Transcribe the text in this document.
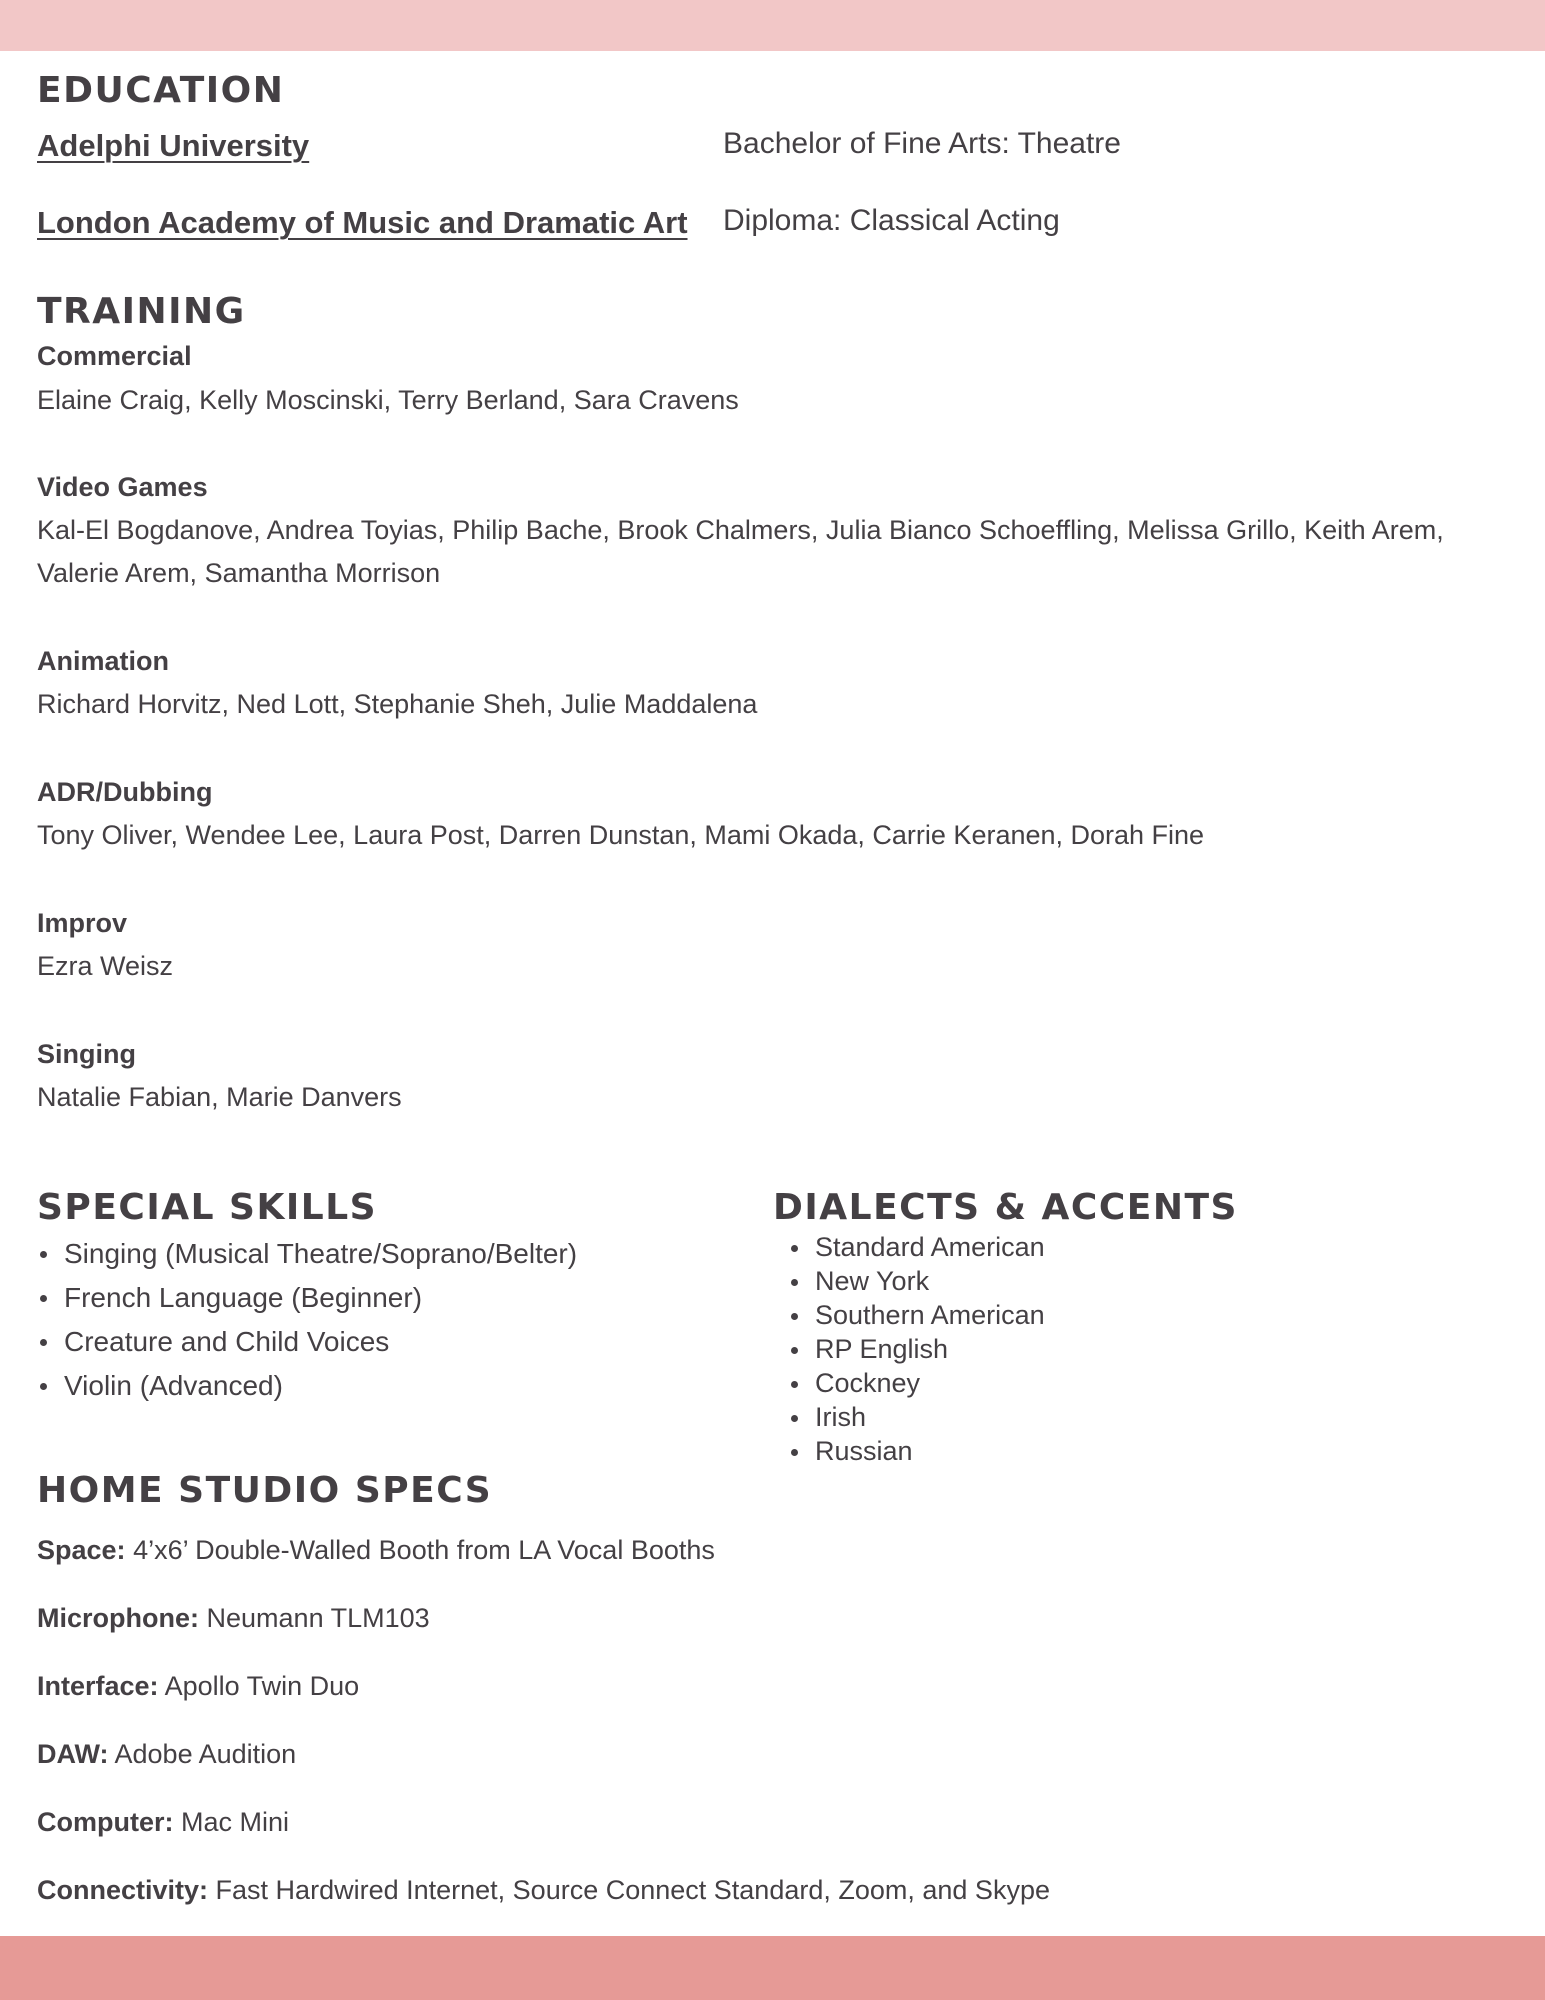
EDUCATION
Adelphi University	Bachelor of Fine Arts: Theatre
London Academy of Music and Dramatic Art Diploma: Classical Acting
TRAINING
Commercial
Elaine Craig, Kelly Moscinski, Terry Berland, Sara Cravens
Video Games
Kal-El Bogdanove, Andrea Toyias, Philip Bache, Brook Chalmers, Julia Bianco Schoeffling, Melissa Grillo, Keith Arem, Valerie Arem, Samantha Morrison
Animation
Richard Horvitz, Ned Lott, Stephanie Sheh, Julie Maddalena
ADR/Dubbing
Tony Oliver, Wendee Lee, Laura Post, Darren Dunstan, Mami Okada, Carrie Keranen, Dorah Fine
Improv
Ezra Weisz
Singing
Natalie Fabian, Marie Danvers
SPECIAL SKILLS
Singing (Musical Theatre/Soprano/Belter)
French Language (Beginner)
Creature and Child Voices
Violin (Advanced)
DIALECTS & ACCENTS
Standard American
New York
Southern American
RP English
Cockney
Irish
Russian
HOME STUDIO SPECS
Space: 4’x6’ Double-Walled Booth from LA Vocal Booths
Microphone: Neumann TLM103
Interface: Apollo Twin Duo
DAW: Adobe Audition
Computer: Mac Mini
Connectivity: Fast Hardwired Internet, Source Connect Standard, Zoom, and Skype
